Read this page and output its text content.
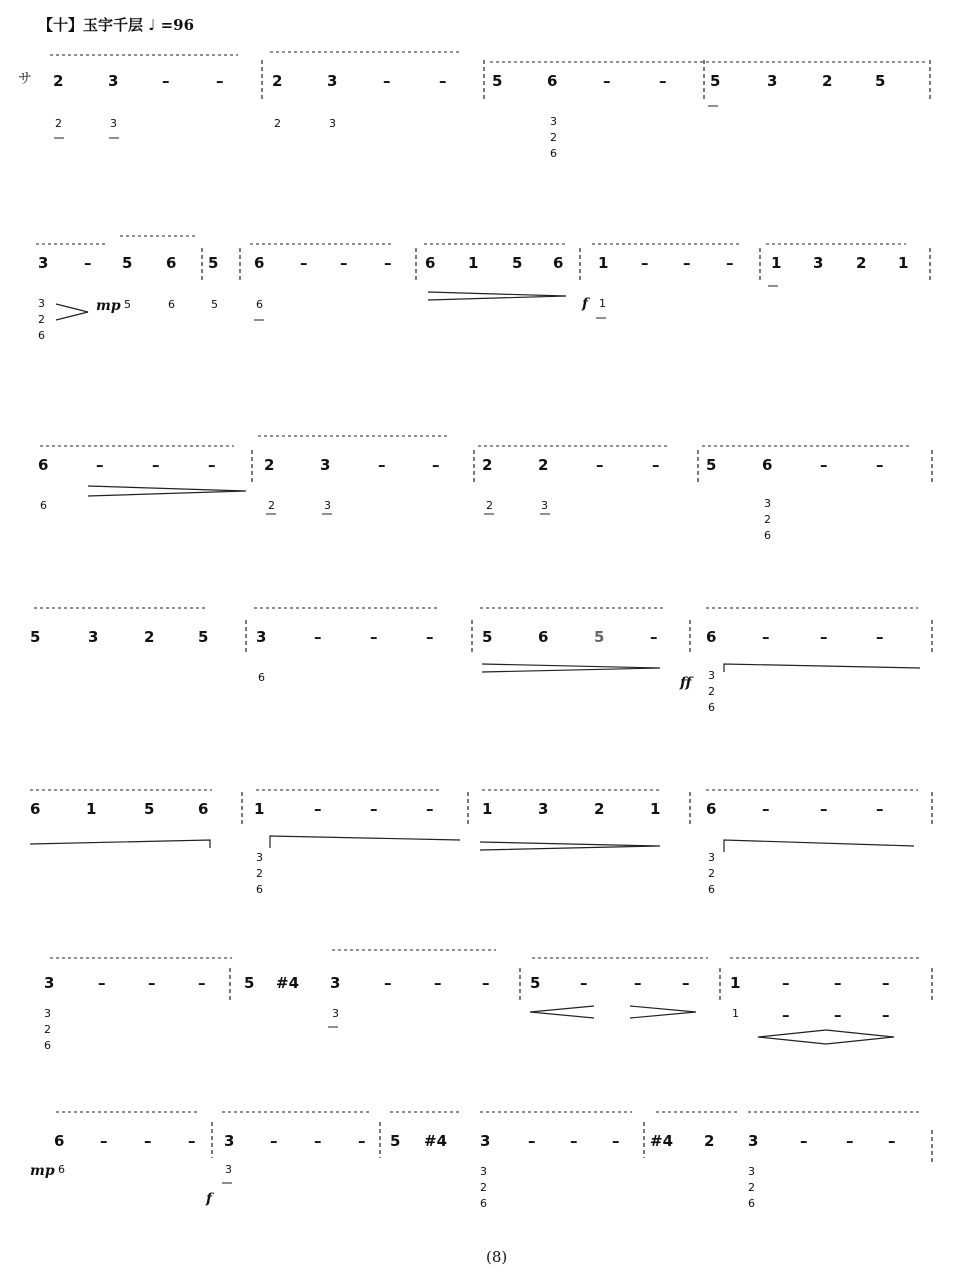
【十】玉宇千层 ♩ =96
サ 2	3	–	–	2	3	–	–	5	6	–	–	5	3	2	5
2	3	2	3	3
2
6
3 – 5 6 5 6 – – – 6 1 5 6 1 – – –	1 3 2 1
3
2
6
mp 5	6	5	6	f 1
6	–	–	–	2	3	–	–	2	2	–	–	5	6	–	–
6	2	3	2	3	3
2
6
5	3	2	5	3	–	–	–	5	6	5	–	6	–	–	–
6	ff 3
2
6
6	1	5	6	1	–	–	–	1	3	2	1	6	–	–	–
3
2
6
3
2
6
3	–	–	–	5 #4 3	–	–	–	5	–	–	–	1	–	–	–
3
2
6
3	1	–	–	–
6 – – – 3 – – – 5 #4 3	– – – #4 2 3	–	– –
mp 6
f
3	3
2
6
3
2
6
(8)
